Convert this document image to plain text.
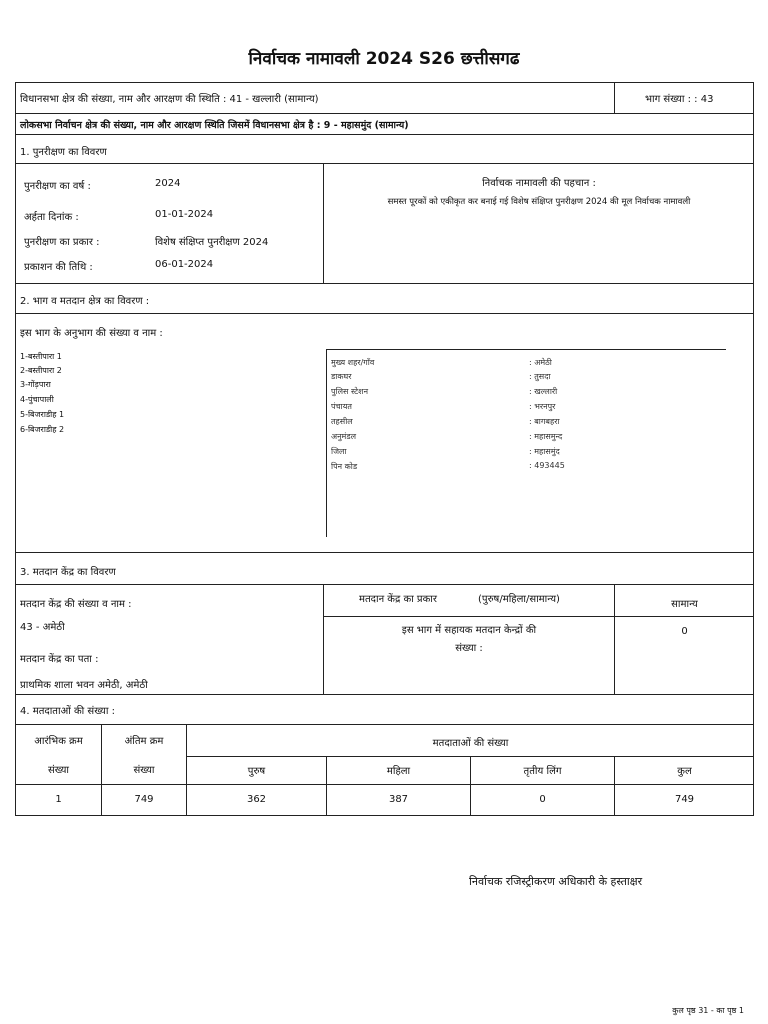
निर्वाचक नामावली 2024 S26 छत्तीसगढ
विधानसभा क्षेत्र की संख्या, नाम और आरक्षण की स्थिति : 41 - खल्लारी (सामान्य)	भाग संख्या : : 43
लोकसभा निर्वाचन क्षेत्र की संख्या, नाम और आरक्षण स्थिति जिसमें विधानसभा क्षेत्र है : 9 - महासमुंद (सामान्य)
1. पुनरीक्षण का विवरण
पुनरीक्षण का वर्ष :	2024
अर्हता दिनांक :	01-01-2024
पुनरीक्षण का प्रकार :	विशेष संक्षिप्त पुनरीक्षण 2024
प्रकाशन की तिथि :	06-01-2024
निर्वाचक नामावली की पहचान :
समस्त पूरकों को एकीकृत कर बनाई गई विशेष संक्षिप्त पुनरीक्षण 2024 की मूल निर्वाचक नामावली
2. भाग व मतदान क्षेत्र का विवरण :
इस भाग के अनुभाग की संख्या व नाम :
1-बस्तीपारा 1
2-बस्तीपारा 2
3-गोंड़पारा
4-पुंचापाली
5-बिजराडीह 1
6-बिजराडीह 2
मुख्य शहर/गाँव	: अमेठी
डाकघर	: तुसदा
पुलिस स्टेशन	: खल्लारी
पंचायत	: भरनपुर
तहसील	: बागबहरा
अनुमंडल	: महासमुन्द
जिला	: महासमुंद
पिन कोड	: 493445
3. मतदान केंद्र का विवरण
मतदान केंद्र की संख्या व नाम :
43 - अमेठी
मतदान केंद्र का पता :
प्राथमिक शाला भवन अमेठी, अमेठी
मतदान केंद्र का प्रकार	(पुरुष/महिला/सामान्य)	सामान्य
इस भाग में सहायक मतदान केन्द्रों की
संख्या :
0
4. मतदाताओं की संख्या :
आरंभिक क्रम
संख्या
अंतिम क्रम
संख्या
मतदाताओं की संख्या
पुरुष	महिला	तृतीय लिंग	कुल
1	749	362	387	0	749
निर्वाचक रजिस्ट्रीकरण अधिकारी के हस्ताक्षर
कुल पृष्ठ 31 - का पृष्ठ 1
